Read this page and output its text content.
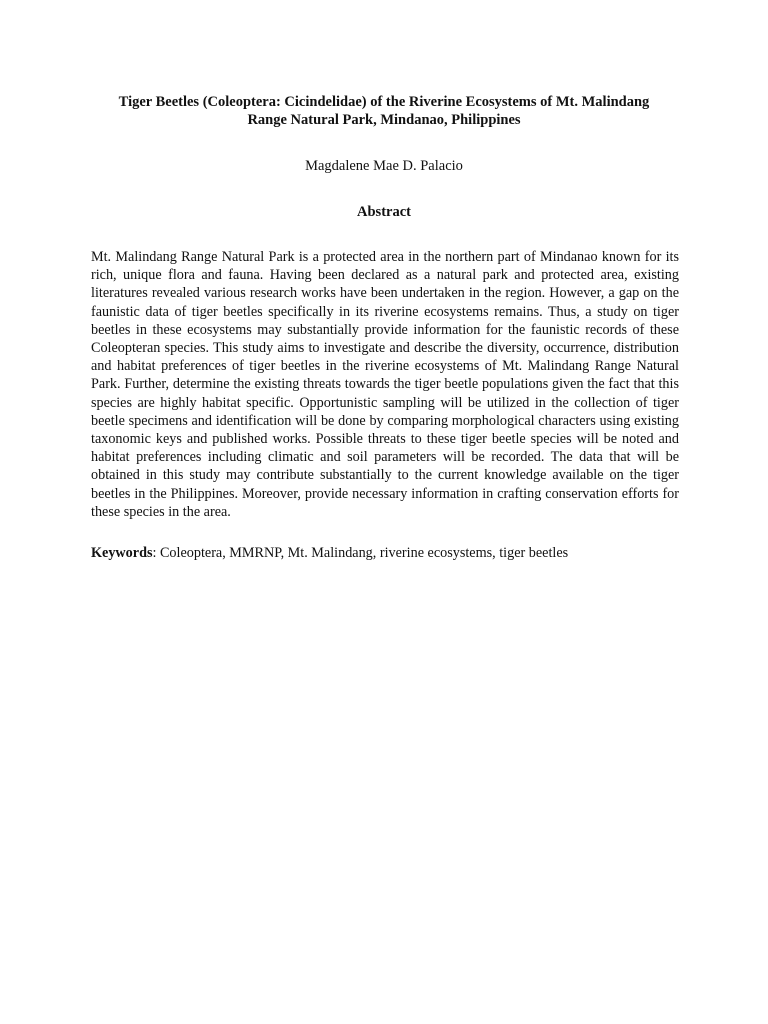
Tiger Beetles (Coleoptera: Cicindelidae) of the Riverine Ecosystems of Mt. Malindang
Range Natural Park, Mindanao, Philippines
Magdalene Mae D. Palacio
Abstract

Mt. Malindang Range Natural Park is a protected area in the northern part of Mindanao known for its rich, unique flora and fauna. Having been declared as a natural park and protected area, existing literatures revealed various research works have been undertaken in the region. However, a gap on the faunistic data of tiger beetles specifically in its riverine ecosystems remains. Thus, a study on tiger beetles in these ecosystems may substantially provide information for the faunistic records of these Coleopteran species. This study aims to investigate and describe the diversity, occurrence, distribution and habitat preferences of tiger beetles in the riverine ecosystems of Mt. Malindang Range Natural Park. Further, determine the existing threats towards the tiger beetle populations given the fact that this species are highly habitat specific. Opportunistic sampling will be utilized in the collection of tiger beetle specimens and identification will be done by comparing morphological characters using existing taxonomic keys and published works. Possible threats to these tiger beetle species will be noted and habitat preferences including climatic and soil parameters will be recorded. The data that will be obtained in this study may contribute substantially to the current knowledge available on the tiger beetles in the Philippines. Moreover, provide necessary information in crafting conservation efforts for these species in the area.

Keywords: Coleoptera, MMRNP, Mt. Malindang, riverine ecosystems, tiger beetles
